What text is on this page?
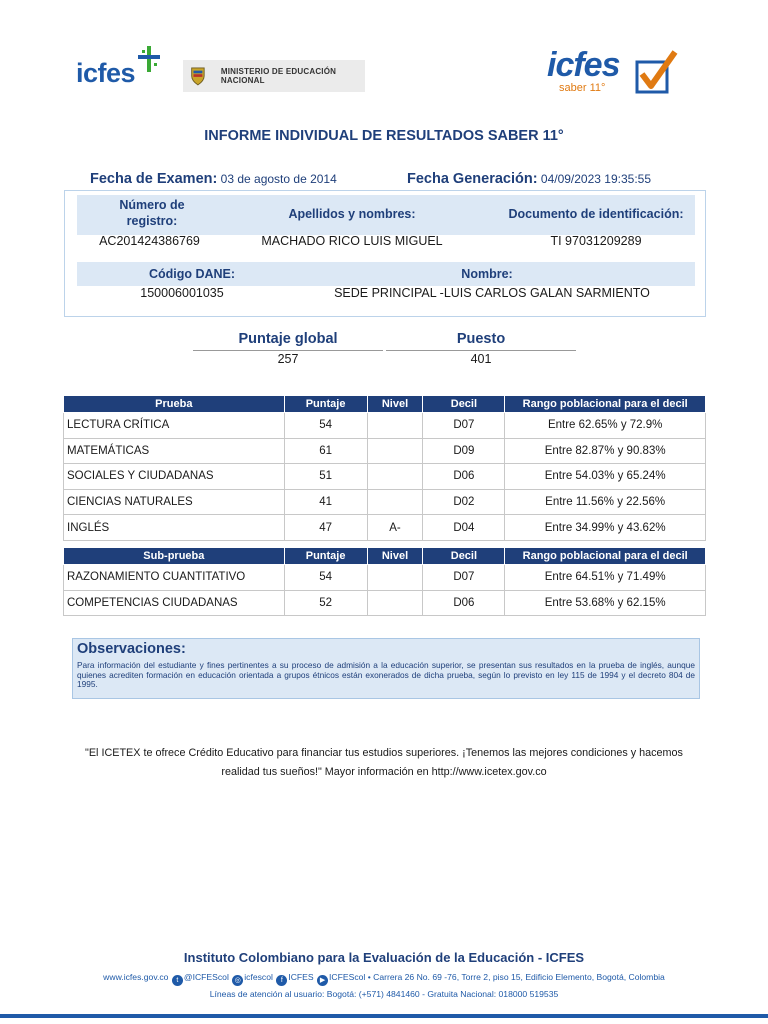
icfes	MINISTERIO DE EDUCACIÓN NACIONAL	icfes
saber 11°
INFORME INDIVIDUAL DE RESULTADOS SABER 11°
Fecha de Examen: 03 de agosto de 2014	Fecha Generación: 04/09/2023 19:35:55
Número de registro:	Apellidos y nombres:	Documento de identificación:
AC201424386769	MACHADO RICO LUIS MIGUEL	TI 97031209289
Código DANE:	Nombre:
150006001035	SEDE PRINCIPAL -LUIS CARLOS GALAN SARMIENTO
Puntaje global
257
Puesto
401
Prueba	Puntaje	Nivel	Decil	Rango poblacional para el decil
LECTURA CRÍTICA	54		D07	Entre 62.65% y 72.9%
MATEMÁTICAS	61		D09	Entre 82.87% y 90.83%
SOCIALES Y CIUDADANAS	51		D06	Entre 54.03% y 65.24%
CIENCIAS NATURALES	41		D02	Entre 11.56% y 22.56%
INGLÉS	47	A-	D04	Entre 34.99% y 43.62%
Sub-prueba	Puntaje	Nivel	Decil	Rango poblacional para el decil
RAZONAMIENTO CUANTITATIVO	54		D07	Entre 64.51% y 71.49%
COMPETENCIAS CIUDADANAS	52		D06	Entre 53.68% y 62.15%
Observaciones:

Para información del estudiante y fines pertinentes a su proceso de admisión a la educación superior, se presentan sus resultados en la prueba de inglés, aunque quienes acrediten formación en educación orientada a grupos étnicos están exonerados de dicha prueba, según lo previsto en ley 115 de 1994 y el decreto 804 de 1995.

"El ICETEX te ofrece Crédito Educativo para financiar tus estudios superiores. ¡Tenemos las mejores condiciones y hacemos
realidad tus sueños!" Mayor información en http://www.icetex.gov.co
Instituto Colombiano para la Evaluación de la Educación - ICFES
www.icfes.gov.co t @ICFEScol ◎ icfescol f ICFES ▶ ICFEScol • Carrera 26 No. 69 -76, Torre 2, piso 15, Edificio Elemento, Bogotá, Colombia
Líneas de atención al usuario: Bogotá: (+571) 4841460 - Gratuita Nacional: 018000 519535
